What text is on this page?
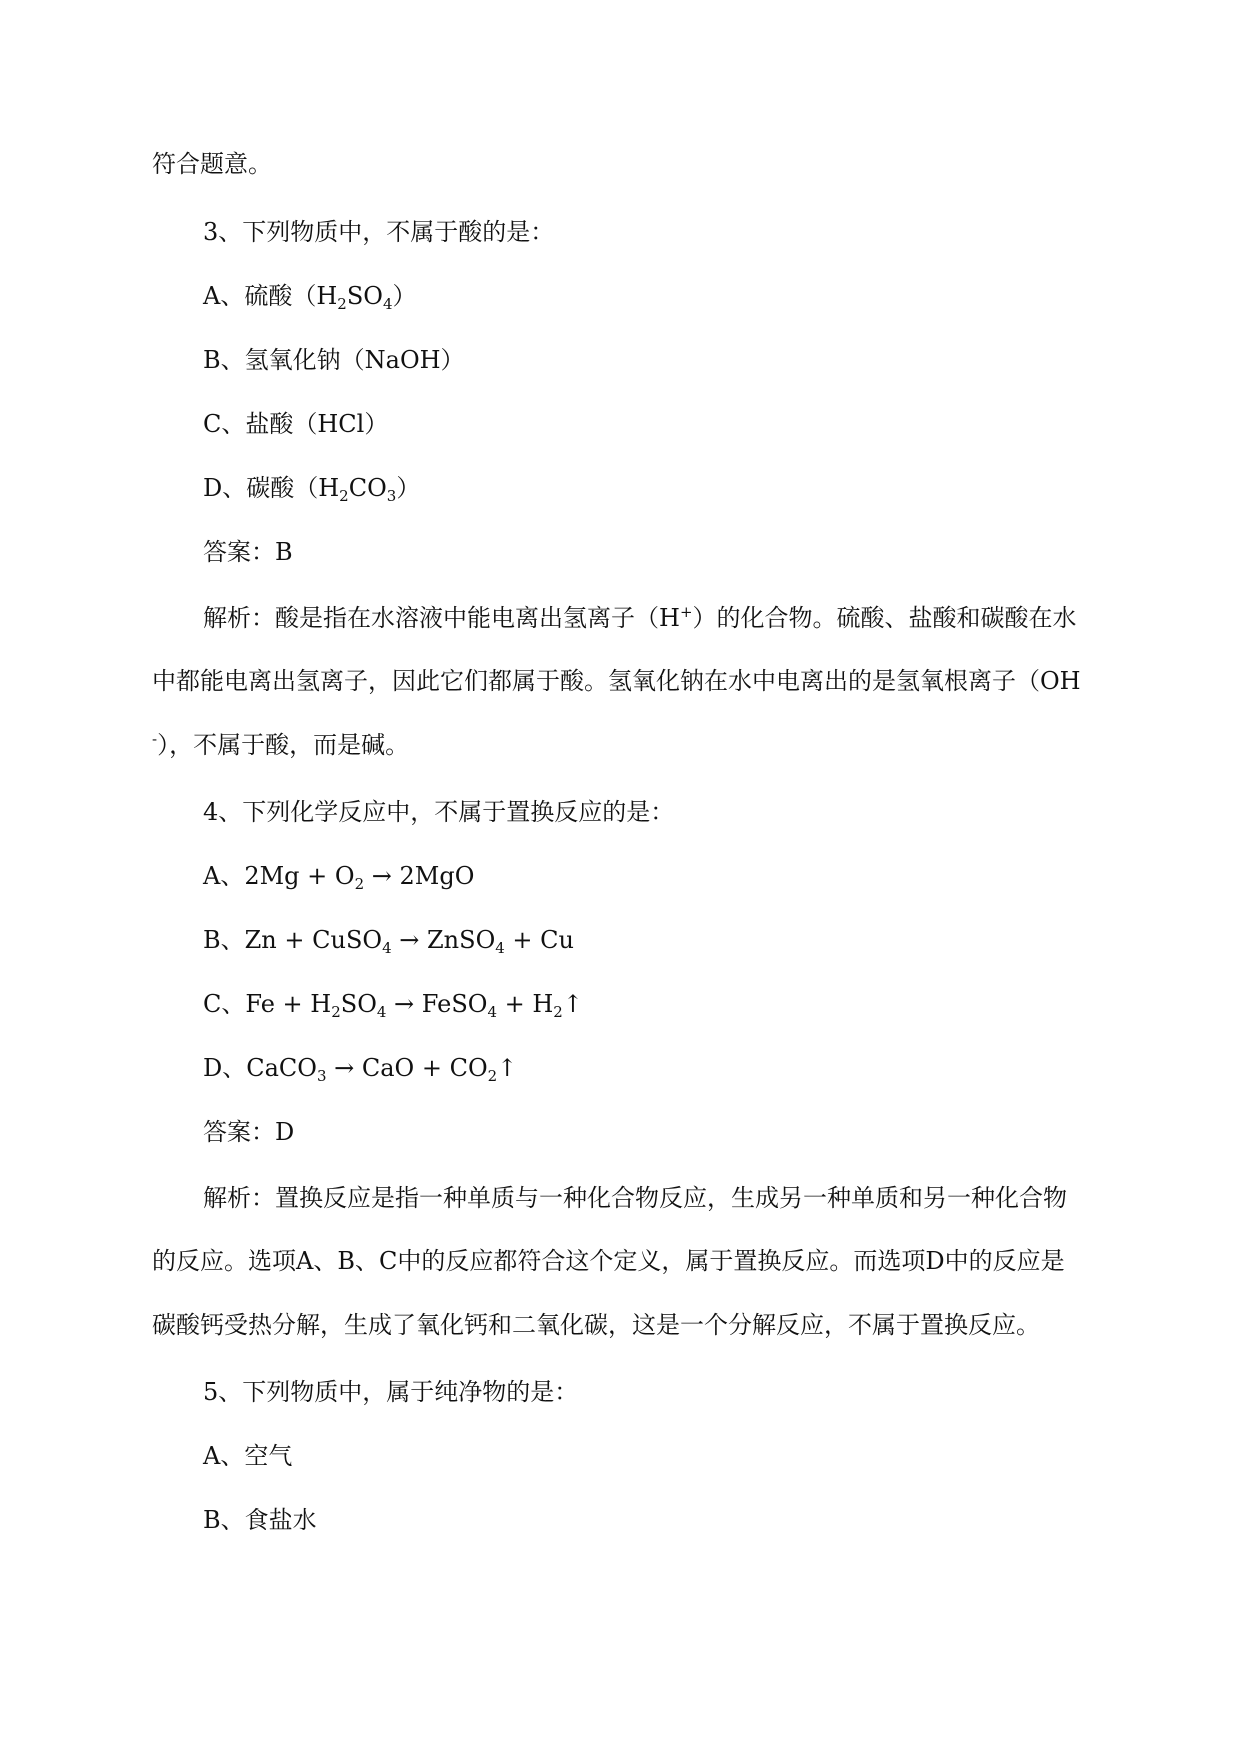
符合题意。
3、下列物质中，不属于酸的是：
A、硫酸$(H_2SO_4)$
B、氢氧化钠（NaOH）
C、盐酸（HCl）
D、碳酸$(H_2CO_3)$
答案：B
解析：酸是指在水溶液中能电离出氢离子（H+）的化合物。硫酸、盐酸和碳酸在水
中都能电离出氢离子，因此它们都属于酸。氢氧化钠在水中电离出的是氢氧根离子（OH
-），不属于酸，而是碱。
4、下列化学反应中，不属于置换反应的是：
A、$2Mg + O_2 \to 2MgO$
B、Zn + CuSO$_4$ → ZnSO$_4$ + Cu
C、$Fe + H_2SO_4$ → FeSO$_4$ + $H_2↑$
D、CaCO$_3$ → CaO + $CO_2↑$
答案：D
解析：置换反应是指一种单质与一种化合物反应，生成另一种单质和另一种化合物
的反应。选项A、B、C中的反应都符合这个定义，属于置换反应。而选项D中的反应是
碳酸钙受热分解，生成了氧化钙和二氧化碳，这是一个分解反应，不属于置换反应。
5、下列物质中，属于纯净物的是：
A、空气
B、食盐水
